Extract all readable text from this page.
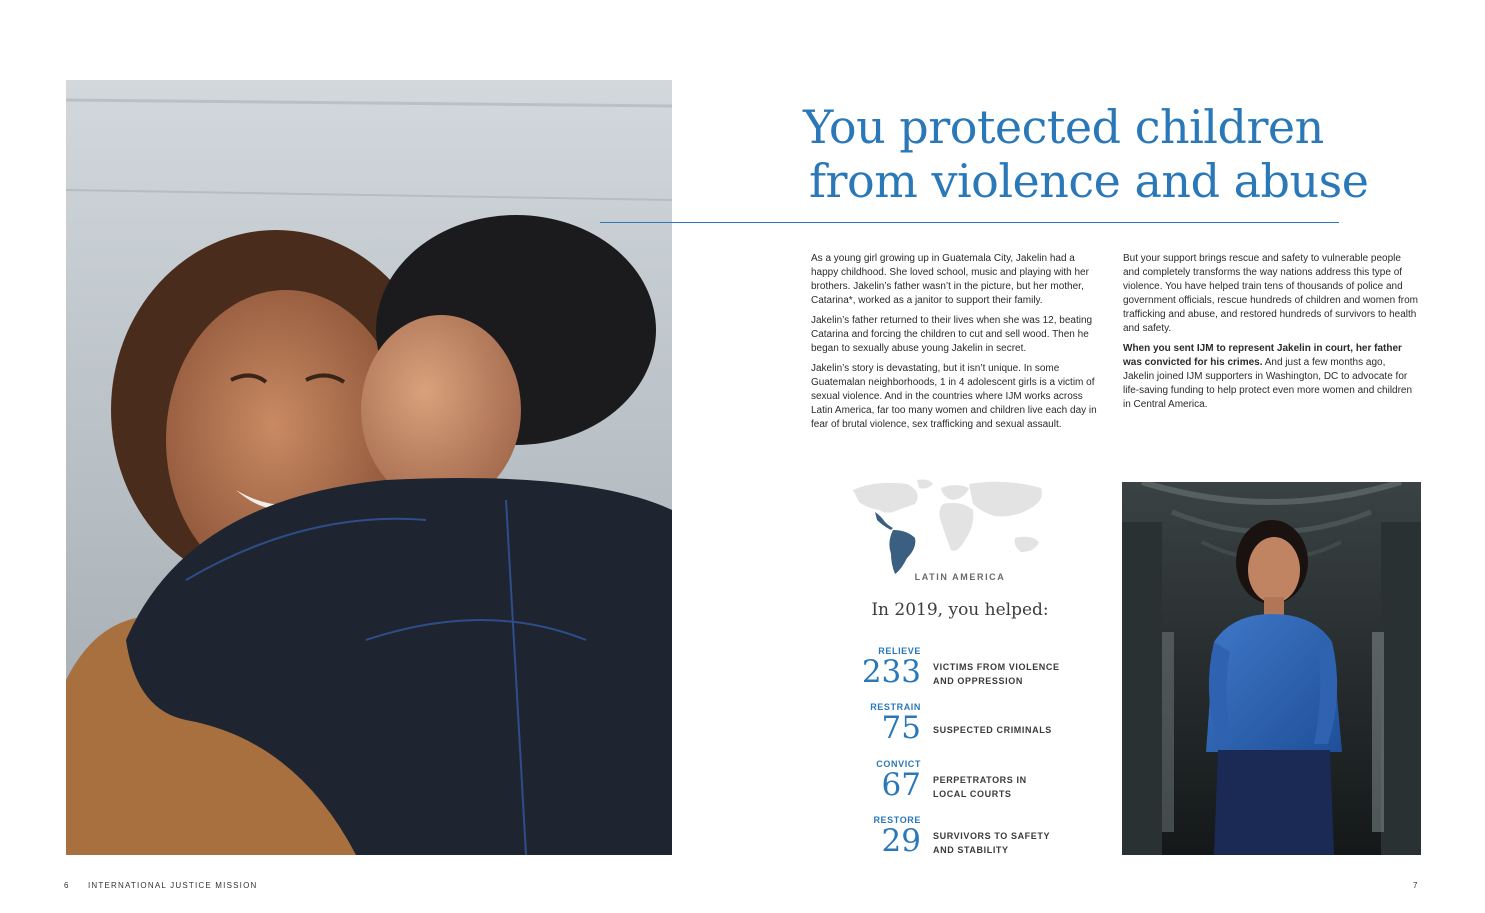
You protected children
from violence and abuse

As a young girl growing up in Guatemala City, Jakelin had a happy childhood. She loved school, music and playing with her brothers. Jakelin’s father wasn’t in the picture, but her mother, Catarina*, worked as a janitor to support their family.

Jakelin’s father returned to their lives when she was 12, beating Catarina and forcing the children to cut and sell wood. Then he began to sexually abuse young Jakelin in secret.

Jakelin’s story is devastating, but it isn’t unique. In some Guatemalan neighborhoods, 1 in 4 adolescent girls is a victim of sexual violence. And in the countries where IJM works across Latin America, far too many women and children live each day in fear of brutal violence, sex trafficking and sexual assault.

But your support brings rescue and safety to vulnerable people and completely transforms the way nations address this type of violence. You have helped train tens of thousands of police and government officials, rescue hundreds of children and women from trafficking and abuse, and restored hundreds of survivors to health and safety.

When you sent IJM to represent Jakelin in court, her father was convicted for his crimes. And just a few months ago, Jakelin joined IJM supporters in Washington, DC to advocate for life-saving funding to help protect even more women and children in Central America.

LATIN AMERICA
In 2019, you helped:
RELIEVE
233 VICTIMS FROM VIOLENCE
AND OPPRESSION
RESTRAIN
75 SUSPECTED CRIMINALS
CONVICT
67 PERPETRATORS IN
LOCAL COURTS
RESTORE
29 SURVIVORS TO SAFETY
AND STABILITY
6 INTERNATIONAL JUSTICE MISSION	7
